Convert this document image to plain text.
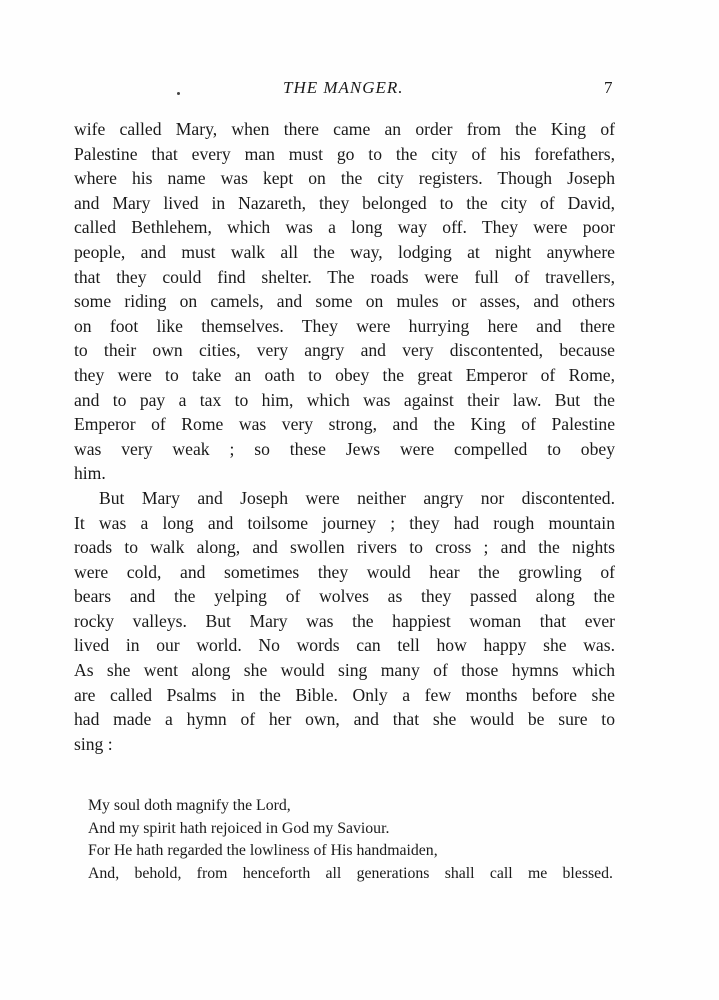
THE MANGER.	7
wife called Mary, when there came an order from the King of
Palestine that every man must go to the city of his forefathers,
where his name was kept on the city registers. Though Joseph
and Mary lived in Nazareth, they belonged to the city of David,
called Bethlehem, which was a long way off. They were poor
people, and must walk all the way, lodging at night anywhere
that they could find shelter. The roads were full of travellers,
some riding on camels, and some on mules or asses, and others
on foot like themselves. They were hurrying here and there
to their own cities, very angry and very discontented, because
they were to take an oath to obey the great Emperor of Rome,
and to pay a tax to him, which was against their law. But the
Emperor of Rome was very strong, and the King of Palestine
was very weak ; so these Jews were compelled to obey
him.
But Mary and Joseph were neither angry nor discontented.
It was a long and toilsome journey ; they had rough mountain
roads to walk along, and swollen rivers to cross ; and the nights
were cold, and sometimes they would hear the growling of
bears and the yelping of wolves as they passed along the
rocky valleys. But Mary was the happiest woman that ever
lived in our world. No words can tell how happy she was.
As she went along she would sing many of those hymns which
are called Psalms in the Bible. Only a few months before she
had made a hymn of her own, and that she would be sure to
sing :
My soul doth magnify the Lord,
And my spirit hath rejoiced in God my Saviour.
For He hath regarded the lowliness of His handmaiden,
And, behold, from henceforth all generations shall call me blessed.
